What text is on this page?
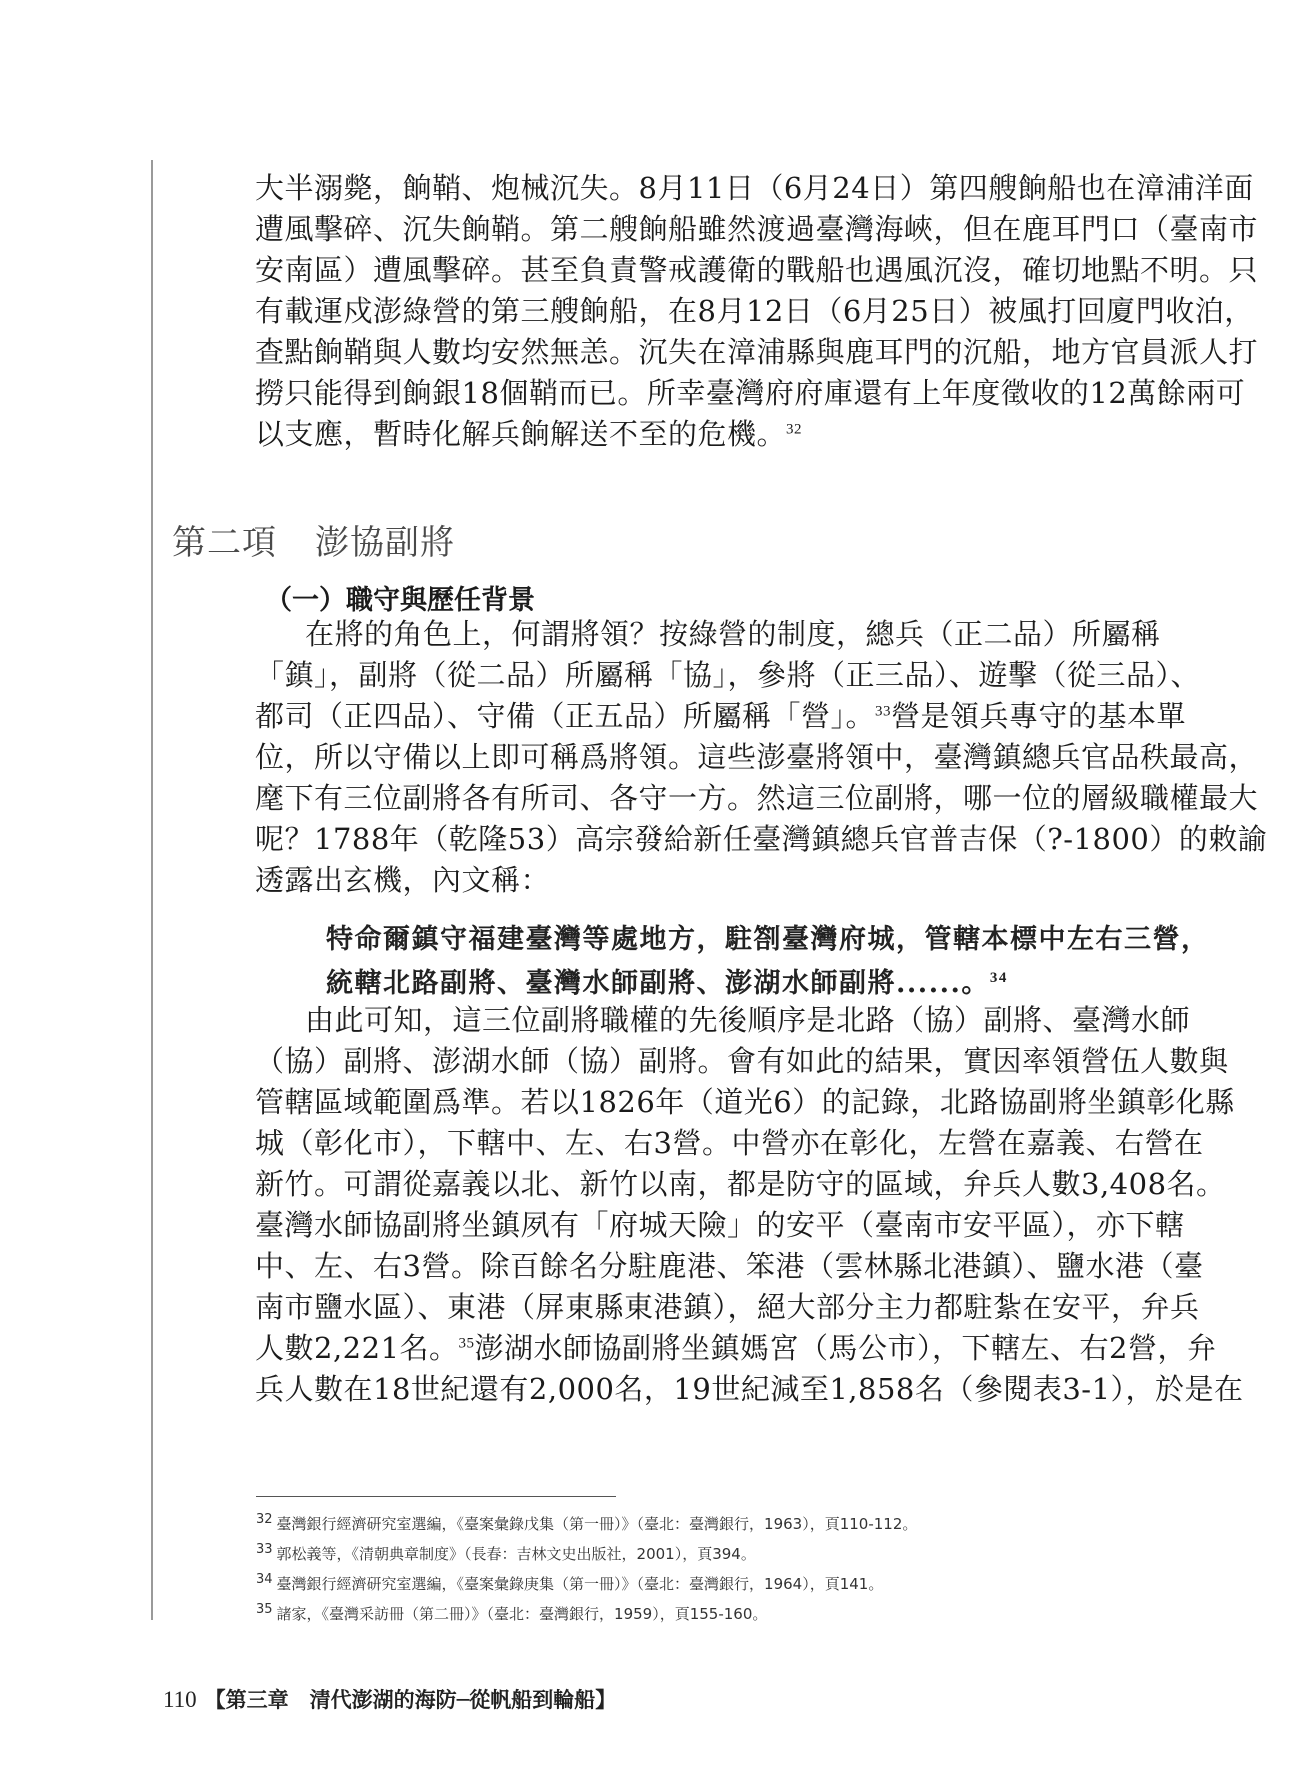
大半溺斃，餉鞘、炮械沉失。8月11日（6月24日）第四艘餉船也在漳浦洋面
遭風擊碎、沉失餉鞘。第二艘餉船雖然渡過臺灣海峽，但在鹿耳門口（臺南市
安南區）遭風擊碎。甚至負責警戒護衛的戰船也遇風沉沒，確切地點不明。只
有載運戍澎綠營的第三艘餉船，在8月12日（6月25日）被風打回廈門收泊，
查點餉鞘與人數均安然無恙。沉失在漳浦縣與鹿耳門的沉船，地方官員派人打
撈只能得到餉銀18個鞘而已。所幸臺灣府府庫還有上年度徵收的12萬餘兩可
以支應，暫時化解兵餉解送不至的危機。$^{32}$
第二項 澎協副將
（一）職守與歷任背景
在將的角色上，何謂將領？按綠營的制度，總兵（正二品）所屬稱
「鎮」，副將（從二品）所屬稱「協」，參將（正三品）、遊擊（從三品）、
都司（正四品）、守備（正五品）所屬稱「營」。$^{33}$營是領兵專守的基本單
位，所以守備以上即可稱爲將領。這些澎臺將領中，臺灣鎮總兵官品秩最高，
麾下有三位副將各有所司、各守一方。然這三位副將，哪一位的層級職權最大
呢？1788年（乾隆53）高宗發給新任臺灣鎮總兵官普吉保（?-1800）的敕諭
透露出玄機，內文稱：
特命爾鎮守福建臺灣等處地方，駐劄臺灣府城，管轄本標中左右三營，
統轄北路副將、臺灣水師副將、澎湖水師副將......。$^{34}$
由此可知，這三位副將職權的先後順序是北路（協）副將、臺灣水師
（協）副將、澎湖水師（協）副將。會有如此的結果，實因率領營伍人數與
管轄區域範圍爲準。若以1826年（道光6）的記錄，北路協副將坐鎮彰化縣
城（彰化市），下轄中、左、右3營。中營亦在彰化，左營在嘉義、右營在
新竹。可謂從嘉義以北、新竹以南，都是防守的區域，弁兵人數3,408名。
臺灣水師協副將坐鎮夙有「府城天險」的安平（臺南市安平區），亦下轄
中、左、右3營。除百餘名分駐鹿港、笨港（雲林縣北港鎮）、鹽水港（臺
南市鹽水區）、東港（屏東縣東港鎮），絕大部分主力都駐紮在安平，弁兵
人數2,221名。$^{35}$澎湖水師協副將坐鎮媽宮（馬公市），下轄左、右2營，弁
兵人數在18世紀還有2,000名，19世紀減至1,858名（參閱表3-1），於是在
32 臺灣銀行經濟研究室選編，《臺案彙錄戊集（第一冊）》（臺北：臺灣銀行，1963），頁110-112。
33 郭松義等，《清朝典章制度》（長春：吉林文史出版社，2001），頁394。
34 臺灣銀行經濟研究室選編，《臺案彙錄庚集（第一冊）》（臺北：臺灣銀行，1964），頁141。
35 諸家，《臺灣采訪冊（第二冊）》（臺北：臺灣銀行，1959），頁155-160。

110 【第三章　清代澎湖的海防─從帆船到輪船】
